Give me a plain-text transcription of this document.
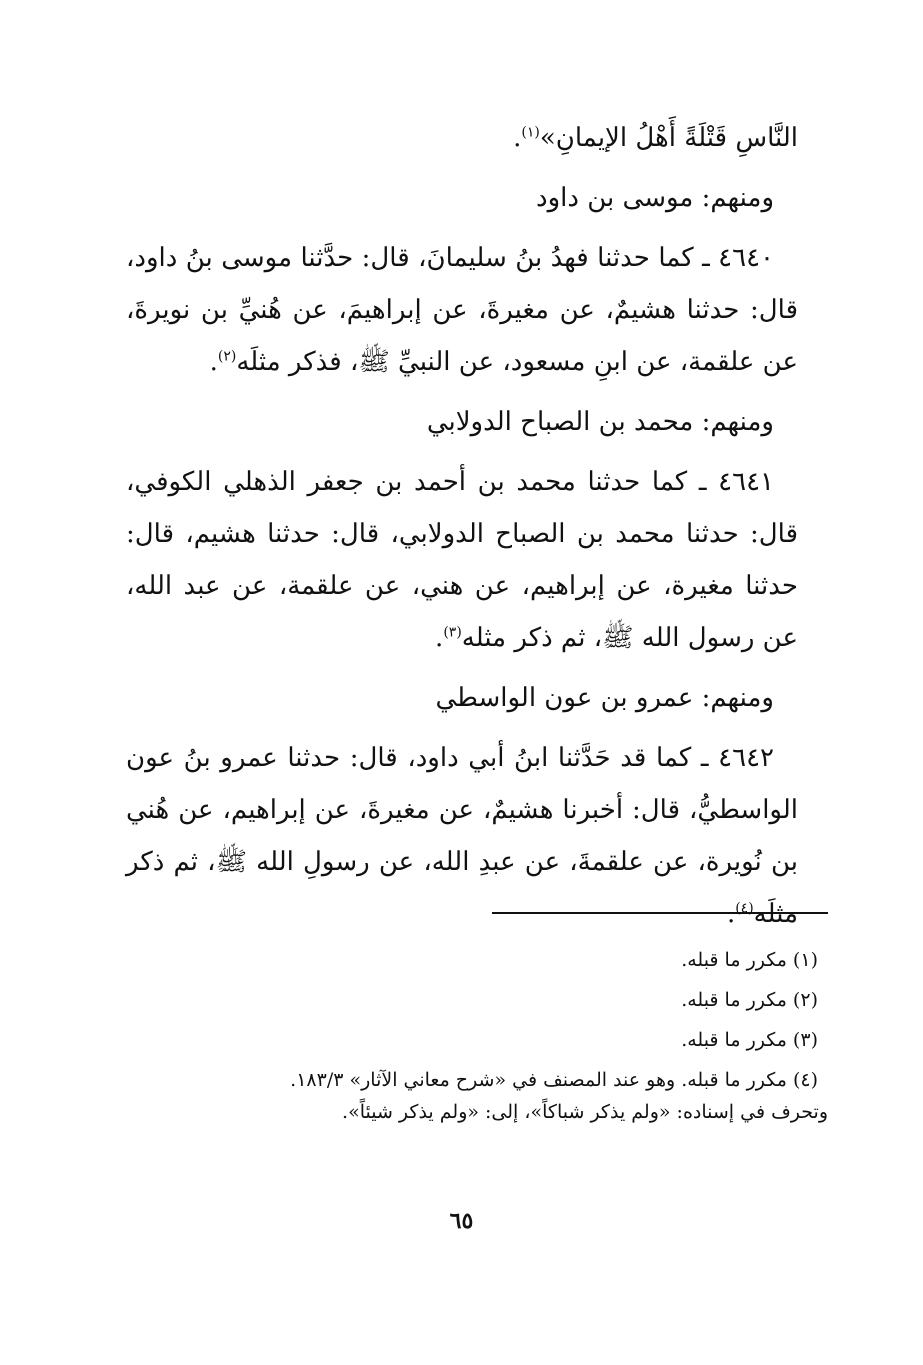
النَّاسِ قَتْلَةً أَهْلُ الإيمانِ»$^{(١)}$.

ومنهم: موسى بن داود

٤٦٤٠ ـ كما حدثنا فهدُ بنُ سليمانَ، قال: حدَّثنا موسى بنُ داود، قال: حدثنا هشيمٌ، عن مغيرةَ، عن إبراهيمَ، عن هُنيِّ بن نويرةَ، عن علقمة، عن ابنِ مسعود، عن النبيِّ ﷺ، فذكر مثلَه$^{(٢)}$.

ومنهم: محمد بن الصباح الدولابي

٤٦٤١ ـ كما حدثنا محمد بن أحمد بن جعفر الذهلي الكوفي، قال: حدثنا محمد بن الصباح الدولابي، قال: حدثنا هشيم، قال: حدثنا مغيرة، عن إبراهيم، عن هني، عن علقمة، عن عبد الله، عن رسول الله ﷺ، ثم ذكر مثله$^{(٣)}$.

ومنهم: عمرو بن عون الواسطي

٤٦٤٢ ـ كما قد حَدَّثنا ابنُ أبي داود، قال: حدثنا عمرو بنُ عون الواسطيُّ، قال: أخبرنا هشيمٌ، عن مغيرةَ، عن إبراهيم، عن هُني بن نُويرة، عن علقمةَ، عن عبدِ الله، عن رسولِ الله ﷺ، ثم ذكر مثلَه$^{(٤)}$.

(١) مكرر ما قبله.

(٢) مكرر ما قبله.

(٣) مكرر ما قبله.

(٤) مكرر ما قبله. وهو عند المصنف في «شرح معاني الآثار» ١٨٣/٣.

وتحرف في إسناده: «ولم يذكر شباكاً»، إلى: «ولم يذكر شيئاً».

٦٥
